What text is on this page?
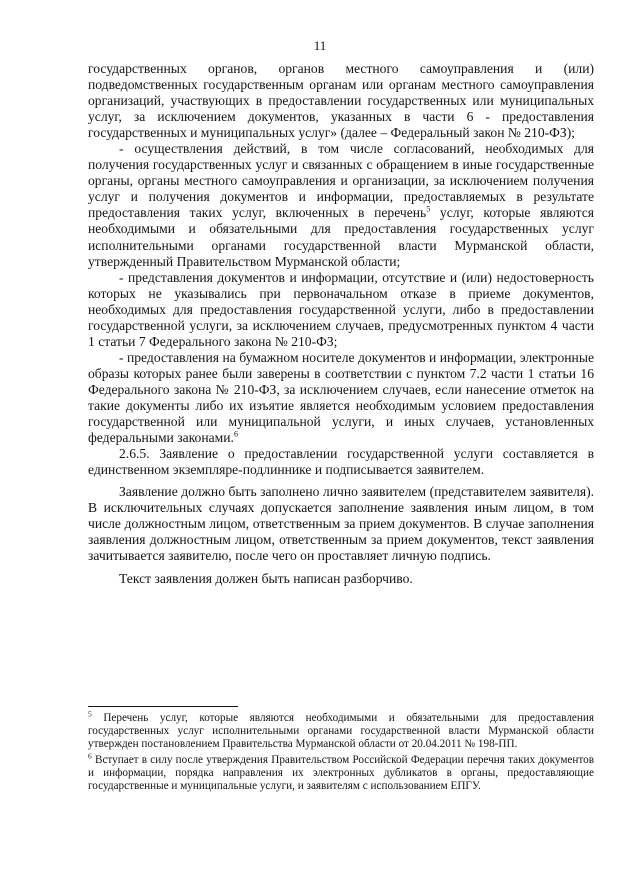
11

государственных органов, органов местного самоуправления и (или) подведомственных государственным органам или органам местного самоуправления организаций, участвующих в предоставлении государственных или муниципальных услуг, за исключением документов, указанных в части 6 - предоставления государственных и муниципальных услуг» (далее – Федеральный закон № 210-ФЗ);

- осуществления действий, в том числе согласований, необходимых для получения государственных услуг и связанных с обращением в иные государственные органы, органы местного самоуправления и организации, за исключением получения услуг и получения документов и информации, предоставляемых в результате предоставления таких услуг, включенных в перечень$^5$ услуг, которые являются необходимыми и обязательными для предоставления государственных услуг исполнительными органами государственной власти Мурманской области, утвержденный Правительством Мурманской области;

- представления документов и информации, отсутствие и (или) недостоверность которых не указывались при первоначальном отказе в приеме документов, необходимых для предоставления государственной услуги, либо в предоставлении государственной услуги, за исключением случаев, предусмотренных пунктом 4 части 1 статьи 7 Федерального закона № 210-ФЗ;

- предоставления на бумажном носителе документов и информации, электронные образы которых ранее были заверены в соответствии с пунктом 7.2 части 1 статьи 16 Федерального закона № 210-ФЗ, за исключением случаев, если нанесение отметок на такие документы либо их изъятие является необходимым условием предоставления государственной или муниципальной услуги, и иных случаев, установленных федеральными законами.$^6$

2.6.5. Заявление о предоставлении государственной услуги составляется в единственном экземпляре-подлиннике и подписывается заявителем.

Заявление должно быть заполнено лично заявителем (представителем заявителя). В исключительных случаях допускается заполнение заявления иным лицом, в том числе должностным лицом, ответственным за прием документов. В случае заполнения заявления должностным лицом, ответственным за прием документов, текст заявления зачитывается заявителю, после чего он проставляет личную подпись.

Текст заявления должен быть написан разборчиво.

$^5$ Перечень услуг, которые являются необходимыми и обязательными для предоставления государственных услуг исполнительными органами государственной власти Мурманской области утвержден постановлением Правительства Мурманской области от 20.04.2011 № 198-ПП.

$^6$ Вступает в силу после утверждения Правительством Российской Федерации перечня таких документов и информации, порядка направления их электронных дубликатов в органы, предоставляющие государственные и муниципальные услуги, и заявителям с использованием ЕПГУ.
